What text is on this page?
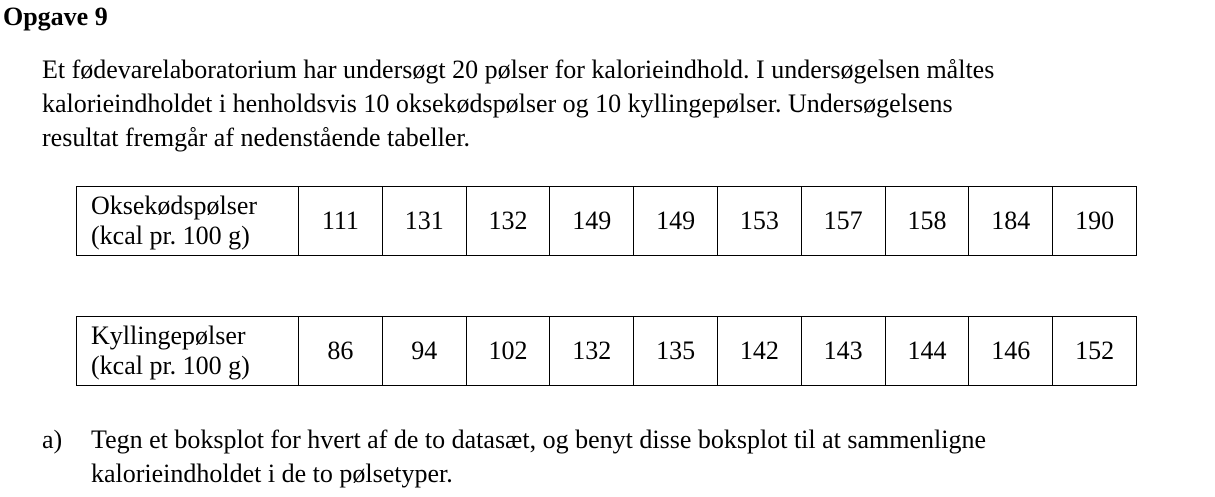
Opgave 9
Et fødevarelaboratorium har undersøgt 20 pølser for kalorieindhold. I undersøgelsen måltes
kalorieindholdet i henholdsvis 10 oksekødspølser og 10 kyllingepølser. Undersøgelsens
resultat fremgår af nedenstående tabeller.
Oksekødspølser
(kcal pr. 100 g)
	111	131	132	149	149	153	157	158	184	190
Kyllingepølser
(kcal pr. 100 g)
	86	94	102	132	135	142	143	144	146	152
a) Tegn et boksplot for hvert af de to datasæt, og benyt disse boksplot til at sammenligne
kalorieindholdet i de to pølsetyper.
